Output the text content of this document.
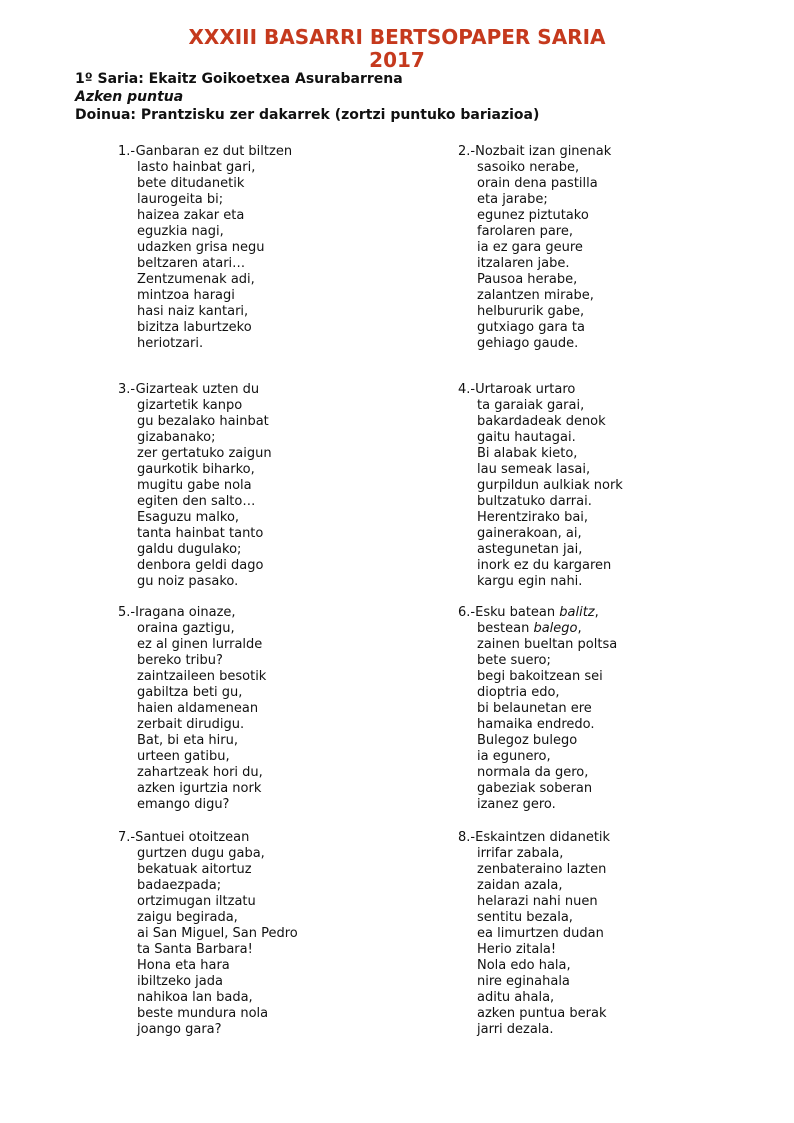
XXXIII BASARRI BERTSOPAPER SARIA
2017
1º Saria: Ekaitz Goikoetxea Asurabarrena
Azken puntua
Doinua: Prantzisku zer dakarrek (zortzi puntuko bariazioa)
1.-Ganbaran ez dut biltzen
lasto hainbat gari,
bete ditudanetik
laurogeita bi;
haizea zakar eta
eguzkia nagi,
udazken grisa negu
beltzaren atari…
Zentzumenak adi,
mintzoa haragi
hasi naiz kantari,
bizitza laburtzeko
heriotzari.
2.-Nozbait izan ginenak
sasoiko nerabe,
orain dena pastilla
eta jarabe;
egunez piztutako
farolaren pare,
ia ez gara geure
itzalaren jabe.
Pausoa herabe,
zalantzen mirabe,
helbururik gabe,
gutxiago gara ta
gehiago gaude.
3.-Gizarteak uzten du
gizartetik kanpo
gu bezalako hainbat
gizabanako;
zer gertatuko zaigun
gaurkotik biharko,
mugitu gabe nola
egiten den salto…
Esaguzu malko,
tanta hainbat tanto
galdu dugulako;
denbora geldi dago
gu noiz pasako.
4.-Urtaroak urtaro
ta garaiak garai,
bakardadeak denok
gaitu hautagai.
Bi alabak kieto,
lau semeak lasai,
gurpildun aulkiak nork
bultzatuko darrai.
Herentzirako bai,
gainerakoan, ai,
astegunetan jai,
inork ez du kargaren
kargu egin nahi.
5.-Iragana oinaze,
oraina gaztigu,
ez al ginen lurralde
bereko tribu?
zaintzaileen besotik
gabiltza beti gu,
haien aldamenean
zerbait dirudigu.
Bat, bi eta hiru,
urteen gatibu,
zahartzeak hori du,
azken igurtzia nork
emango digu?
6.-Esku batean balitz,
bestean balego,
zainen bueltan poltsa
bete suero;
begi bakoitzean sei
dioptria edo,
bi belaunetan ere
hamaika endredo.
Bulegoz bulego
ia egunero,
normala da gero,
gabeziak soberan
izanez gero.
7.-Santuei otoitzean
gurtzen dugu gaba,
bekatuak aitortuz
badaezpada;
ortzimugan iltzatu
zaigu begirada,
ai San Miguel, San Pedro
ta Santa Barbara!
Hona eta hara
ibiltzeko jada
nahikoa lan bada,
beste mundura nola
joango gara?
8.-Eskaintzen didanetik
irrifar zabala,
zenbateraino lazten
zaidan azala,
helarazi nahi nuen
sentitu bezala,
ea limurtzen dudan
Herio zitala!
Nola edo hala,
nire eginahala
aditu ahala,
azken puntua berak
jarri dezala.
